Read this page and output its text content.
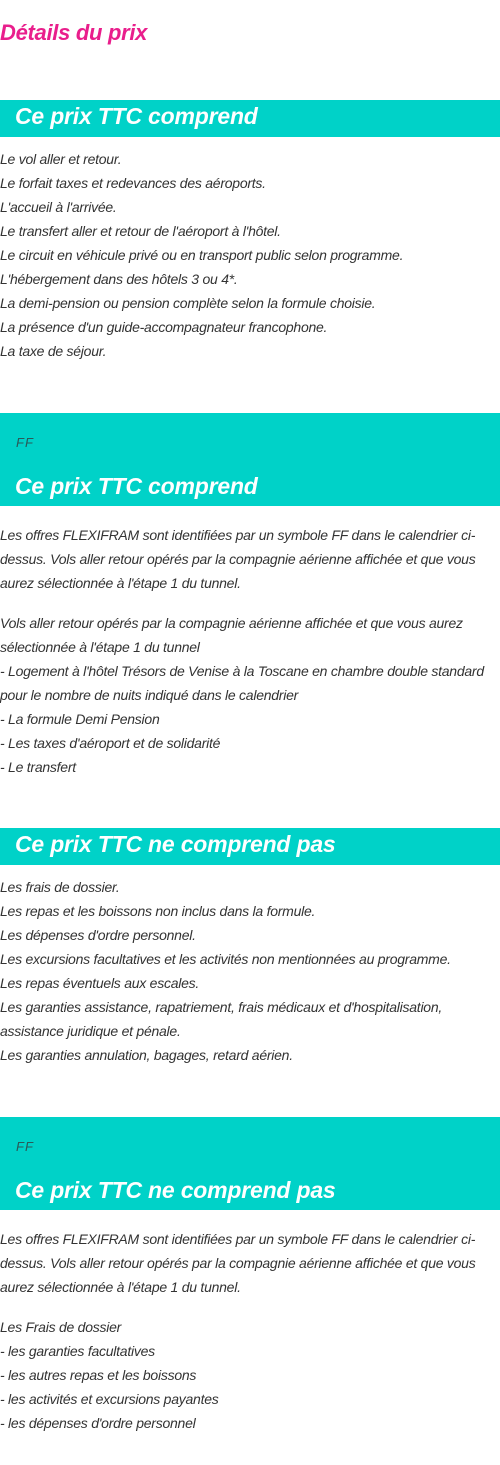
Détails du prix
Ce prix TTC comprend
Le vol aller et retour.
Le forfait taxes et redevances des aéroports.
L'accueil à l'arrivée.
Le transfert aller et retour de l'aéroport à l'hôtel.
Le circuit en véhicule privé ou en transport public selon programme.
L'hébergement dans des hôtels 3 ou 4*.
La demi-pension ou pension complète selon la formule choisie.
La présence d'un guide-accompagnateur francophone.
La taxe de séjour.
FF
Ce prix TTC comprend

Les offres FLEXIFRAM sont identifiées par un symbole FF dans le calendrier ci-dessus. Vols aller retour opérés par la compagnie aérienne affichée et que vous aurez sélectionnée à l'étape 1 du tunnel.

Vols aller retour opérés par la compagnie aérienne affichée et que vous aurez sélectionnée à l'étape 1 du tunnel
- Logement à l'hôtel Trésors de Venise à la Toscane en chambre double standard pour le nombre de nuits indiqué dans le calendrier
- La formule Demi Pension
- Les taxes d'aéroport et de solidarité
- Le transfert
Ce prix TTC ne comprend pas
Les frais de dossier.
Les repas et les boissons non inclus dans la formule.
Les dépenses d'ordre personnel.
Les excursions facultatives et les activités non mentionnées au programme.
Les repas éventuels aux escales.
Les garanties assistance, rapatriement, frais médicaux et d'hospitalisation, assistance juridique et pénale.
Les garanties annulation, bagages, retard aérien.
FF
Ce prix TTC ne comprend pas

Les offres FLEXIFRAM sont identifiées par un symbole FF dans le calendrier ci-dessus. Vols aller retour opérés par la compagnie aérienne affichée et que vous aurez sélectionnée à l'étape 1 du tunnel.

Les Frais de dossier
- les garanties facultatives
- les autres repas et les boissons
- les activités et excursions payantes
- les dépenses d'ordre personnel
